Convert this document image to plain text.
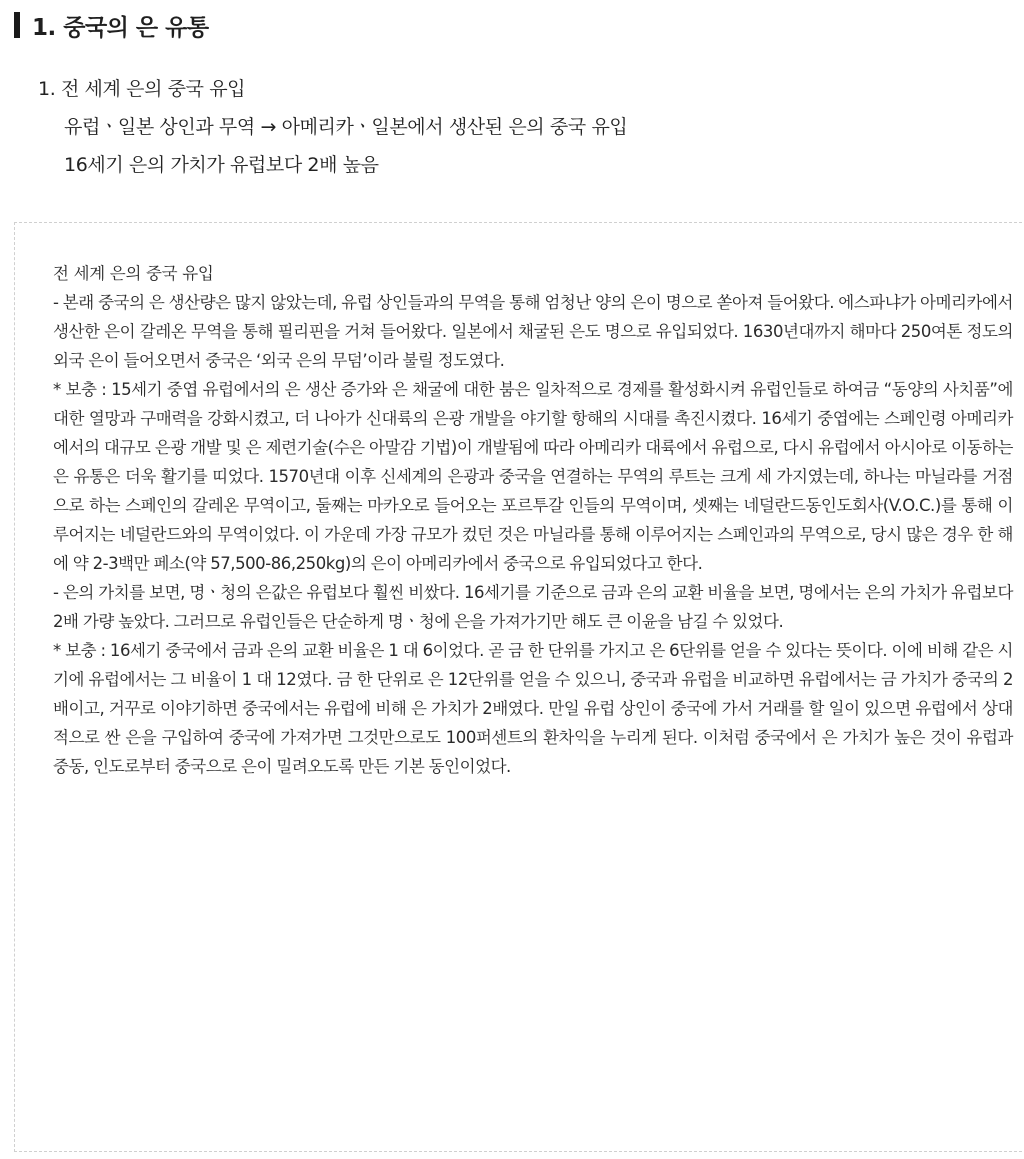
1. 중국의 은 유통
1. 전 세계 은의 중국 유입
유럽ㆍ일본 상인과 무역 → 아메리카ㆍ일본에서 생산된 은의 중국 유입
16세기 은의 가치가 유럽보다 2배 높음
전 세계 은의 중국 유입
- 본래 중국의 은 생산량은 많지 않았는데, 유럽 상인들과의 무역을 통해 엄청난 양의 은이 명으로 쏟아져 들어왔다. 에스파냐가 아메리카에서 생산한 은이 갈레온 무역을 통해 필리핀을 거쳐 들어왔다. 일본에서 채굴된 은도 명으로 유입되었다. 1630년대까지 해마다 250여톤 정도의 외국 은이 들어오면서 중국은 ‘외국 은의 무덤’이라 불릴 정도였다.
* 보충 : 15세기 중엽 유럽에서의 은 생산 증가와 은 채굴에 대한 붐은 일차적으로 경제를 활성화시켜 유럽인들로 하여금 “동양의 사치품”에 대한 열망과 구매력을 강화시켰고, 더 나아가 신대륙의 은광 개발을 야기할 항해의 시대를 촉진시켰다. 16세기 중엽에는 스페인령 아메리카에서의 대규모 은광 개발 및 은 제련기술(수은 아말감 기법)이 개발됨에 따라 아메리카 대륙에서 유럽으로, 다시 유럽에서 아시아로 이동하는 은 유통은 더욱 활기를 띠었다. 1570년대 이후 신세계의 은광과 중국을 연결하는 무역의 루트는 크게 세 가지였는데, 하나는 마닐라를 거점으로 하는 스페인의 갈레온 무역이고, 둘째는 마카오로 들어오는 포르투갈 인들의 무역이며, 셋째는 네덜란드동인도회사(V.O.C.)를 통해 이루어지는 네덜란드와의 무역이었다. 이 가운데 가장 규모가 컸던 것은 마닐라를 통해 이루어지는 스페인과의 무역으로, 당시 많은 경우 한 해에 약 2-3백만 페소(약 57,500-86,250kg)의 은이 아메리카에서 중국으로 유입되었다고 한다.
- 은의 가치를 보면, 명ㆍ청의 은값은 유럽보다 훨씬 비쌌다. 16세기를 기준으로 금과 은의 교환 비율을 보면, 명에서는 은의 가치가 유럽보다 2배 가량 높았다. 그러므로 유럽인들은 단순하게 명ㆍ청에 은을 가져가기만 해도 큰 이윤을 남길 수 있었다.
* 보충 : 16세기 중국에서 금과 은의 교환 비율은 1 대 6이었다. 곧 금 한 단위를 가지고 은 6단위를 얻을 수 있다는 뜻이다. 이에 비해 같은 시기에 유럽에서는 그 비율이 1 대 12였다. 금 한 단위로 은 12단위를 얻을 수 있으니, 중국과 유럽을 비교하면 유럽에서는 금 가치가 중국의 2배이고, 거꾸로 이야기하면 중국에서는 유럽에 비해 은 가치가 2배였다. 만일 유럽 상인이 중국에 가서 거래를 할 일이 있으면 유럽에서 상대적으로 싼 은을 구입하여 중국에 가져가면 그것만으로도 100퍼센트의 환차익을 누리게 된다. 이처럼 중국에서 은 가치가 높은 것이 유럽과 중동, 인도로부터 중국으로 은이 밀려오도록 만든 기본 동인이었다.
